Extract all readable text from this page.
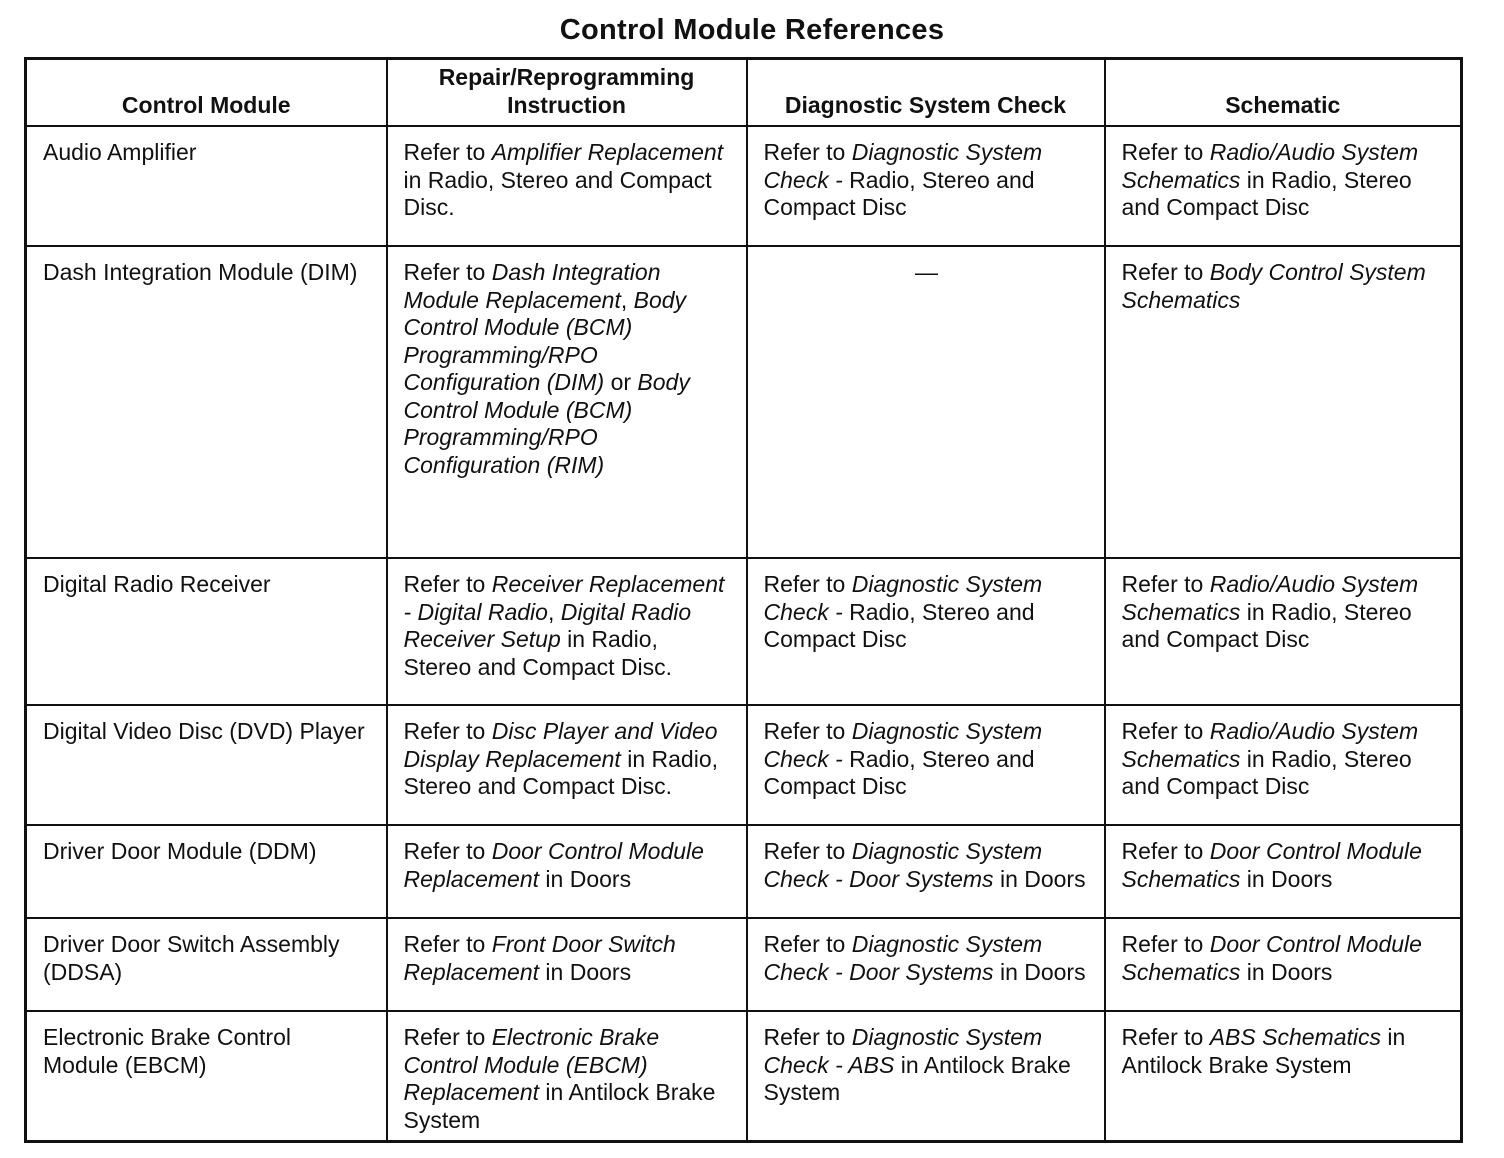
Control Module References
Control Module	Repair/Reprogramming Instruction	Diagnostic System Check	Schematic
Audio Amplifier	Refer to Amplifier Replacement in Radio, Stereo and Compact Disc.	Refer to Diagnostic System Check - Radio, Stereo and Compact Disc	Refer to Radio/Audio System Schematics in Radio, Stereo and Compact Disc
Dash Integration Module (DIM)	Refer to Dash Integration Module Replacement, Body Control Module (BCM) Programming/RPO Configuration (DIM) or Body Control Module (BCM) Programming/RPO Configuration (RIM)	—	Refer to Body Control System Schematics
Digital Radio Receiver	Refer to Receiver Replacement - Digital Radio, Digital Radio Receiver Setup in Radio, Stereo and Compact Disc.	Refer to Diagnostic System Check - Radio, Stereo and Compact Disc	Refer to Radio/Audio System Schematics in Radio, Stereo and Compact Disc
Digital Video Disc (DVD) Player	Refer to Disc Player and Video Display Replacement in Radio, Stereo and Compact Disc.	Refer to Diagnostic System Check - Radio, Stereo and Compact Disc	Refer to Radio/Audio System Schematics in Radio, Stereo and Compact Disc
Driver Door Module (DDM)	Refer to Door Control Module Replacement in Doors	Refer to Diagnostic System Check - Door Systems in Doors	Refer to Door Control Module Schematics in Doors
Driver Door Switch Assembly (DDSA)	Refer to Front Door Switch Replacement in Doors	Refer to Diagnostic System Check - Door Systems in Doors	Refer to Door Control Module Schematics in Doors
Electronic Brake Control Module (EBCM)	Refer to Electronic Brake Control Module (EBCM) Replacement in Antilock Brake System	Refer to Diagnostic System Check - ABS in Antilock Brake System	Refer to ABS Schematics in Antilock Brake System
